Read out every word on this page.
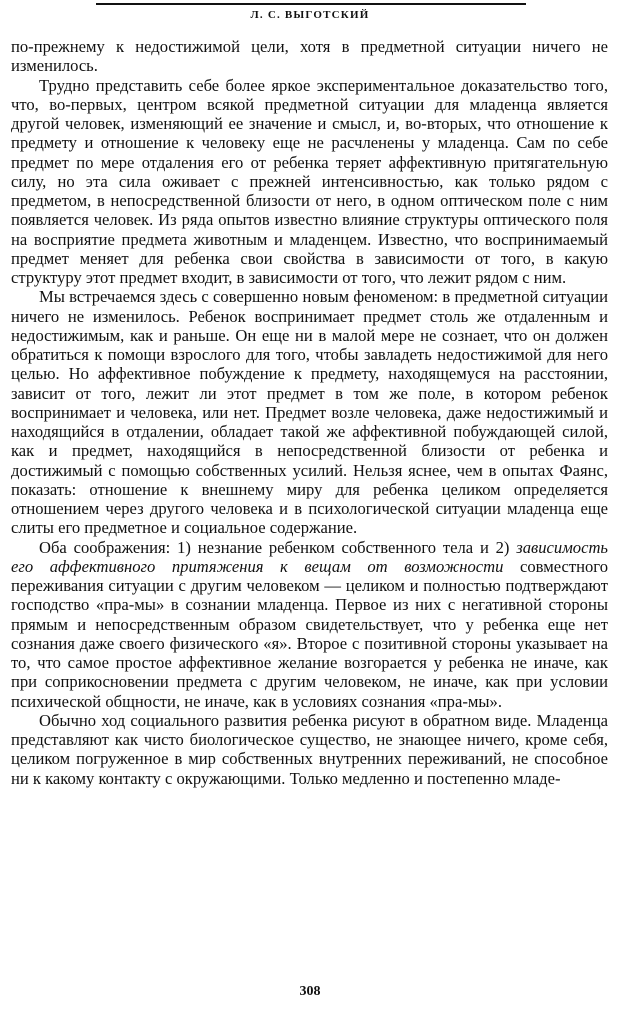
Л. С. ВЫГОТСКИЙ

по-прежнему к недостижимой цели, хотя в предметной ситуации ничего не изменилось.

Трудно представить себе более яркое экспериментальное доказательство того, что, во-первых, центром всякой предметной ситуации для младенца является другой человек, изменяющий ее значение и смысл, и, во-вторых, что отношение к предмету и отношение к человеку еще не расчленены у младенца. Сам по себе предмет по мере отдаления его от ребенка теряет аффективную притягательную силу, но эта сила оживает с прежней интенсивностью, как только рядом с предметом, в непосредственной близости от него, в одном оптическом поле с ним появляется человек. Из ряда опытов известно влияние структуры оптического поля на восприятие предмета животным и младенцем. Известно, что воспринимаемый предмет меняет для ребенка свои свойства в зависимости от того, в какую структуру этот предмет входит, в зависимости от того, что лежит рядом с ним.

Мы встречаемся здесь с совершенно новым феноменом: в предметной ситуации ничего не изменилось. Ребенок воспринимает предмет столь же отдаленным и недостижимым, как и раньше. Он еще ни в малой мере не сознает, что он должен обратиться к помощи взрослого для того, чтобы завладеть недостижимой для него целью. Но аффективное побуждение к предмету, находящемуся на расстоянии, зависит от того, лежит ли этот предмет в том же поле, в котором ребенок воспринимает и человека, или нет. Предмет возле человека, даже недостижимый и находящийся в отдалении, обладает такой же аффективной побуждающей силой, как и предмет, находящийся в непосредственной близости от ребенка и достижимый с помощью собственных усилий. Нельзя яснее, чем в опытах Фаянс, показать: отношение к внешнему миру для ребенка целиком определяется отношением через другого человека и в психологической ситуации младенца еще слиты его предметное и социальное содержание.

Оба соображения: 1) незнание ребенком собственного тела и 2) зависимость его аффективного притяжения к вещам от возможности совместного переживания ситуации с другим человеком — целиком и полностью подтверждают господство «пра-мы» в сознании младенца. Первое из них с негативной стороны прямым и непосредственным образом свидетельствует, что у ребенка еще нет сознания даже своего физического «я». Второе с позитивной стороны указывает на то, что самое простое аффективное желание возгорается у ребенка не иначе, как при соприкосновении предмета с другим человеком, не иначе, как при условии психической общности, не иначе, как в условиях сознания «пра-мы».

Обычно ход социального развития ребенка рисуют в обратном виде. Младенца представляют как чисто биологическое существо, не знающее ничего, кроме себя, целиком погруженное в мир собственных внутренних переживаний, не способное ни к какому контакту с окружающими. Только медленно и постепенно младе-

308
